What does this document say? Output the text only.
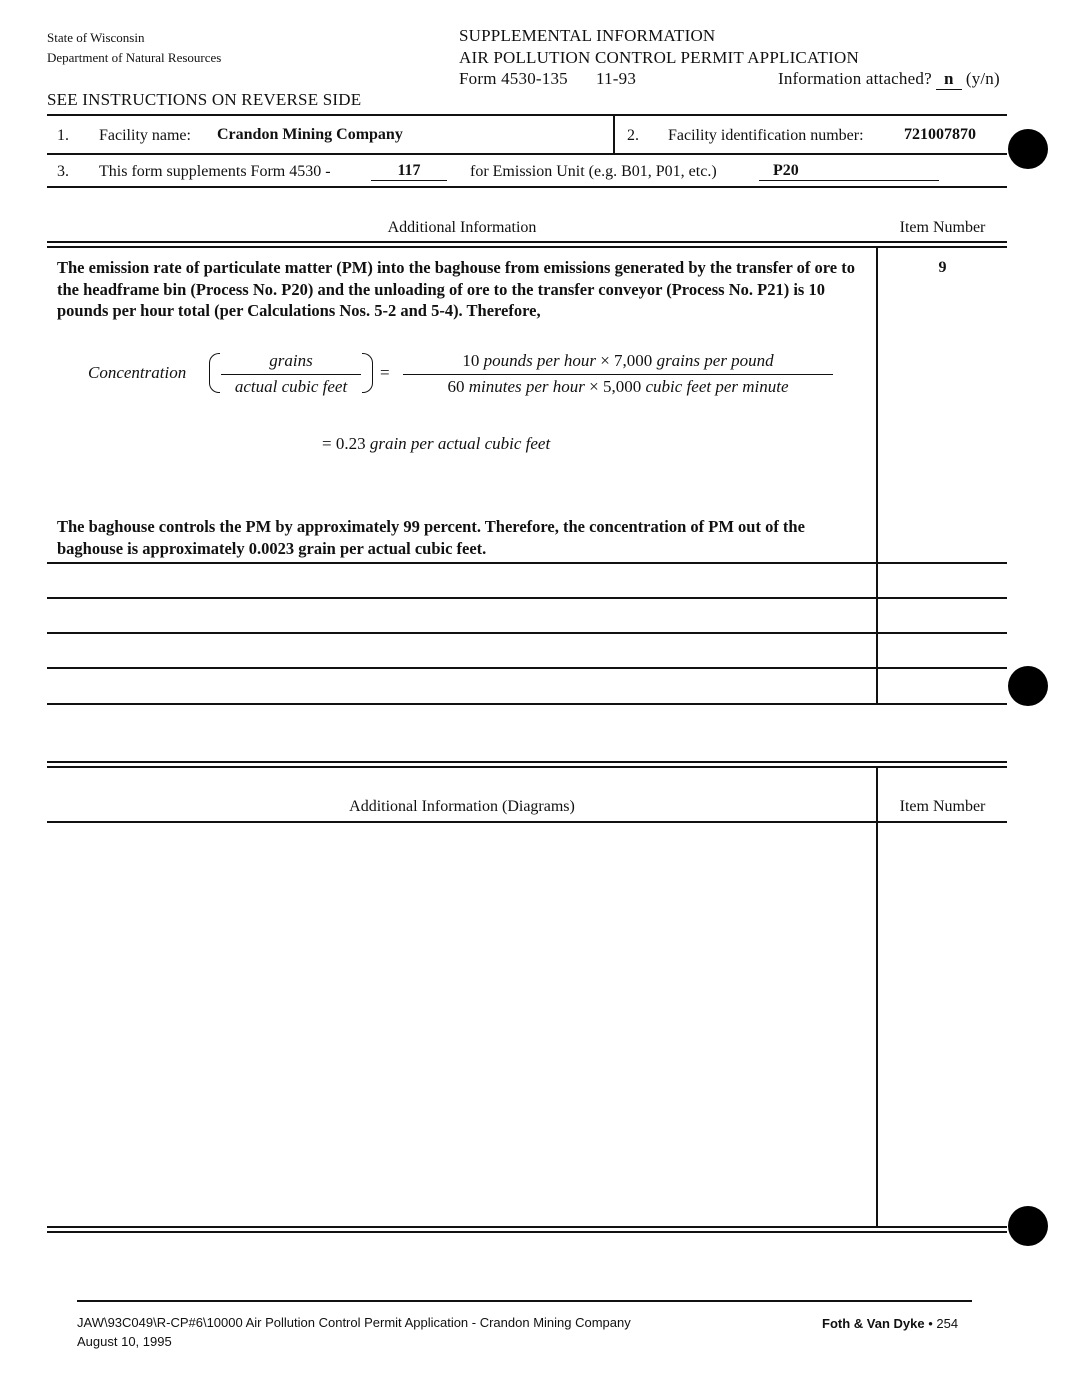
State of Wisconsin
Department of Natural Resources
SUPPLEMENTAL INFORMATION
AIR POLLUTION CONTROL PERMIT APPLICATION
Form 4530-135 11-93	Information attached? n (y/n)
SEE INSTRUCTIONS ON REVERSE SIDE
1. Facility name: Crandon Mining Company	2. Facility identification number:	721007870
3. This form supplements Form 4530 -	117	for Emission Unit (e.g. B01, P01, etc.)	P20
Additional Information	Item Number
9
The emission rate of particulate matter (PM) into the baghouse from emissions generated by the transfer of ore to the headframe bin (Process No. P20) and the unloading of ore to the transfer conveyor (Process No. P21) is 10 pounds per hour total (per Calculations Nos. 5-2 and 5-4). Therefore,
Concentration
grains
actual cubic feet
=
10 pounds per hour × 7,000 grains per pound
60 minutes per hour × 5,000 cubic feet per minute
= 0.23 grain per actual cubic feet
The baghouse controls the PM by approximately 99 percent. Therefore, the concentration of PM out of the baghouse is approximately 0.0023 grain per actual cubic feet.
Additional Information (Diagrams)	Item Number
JAW\93C049\R-CP#6\10000 Air Pollution Control Permit Application - Crandon Mining Company
August 10, 1995
Foth & Van Dyke • 254
